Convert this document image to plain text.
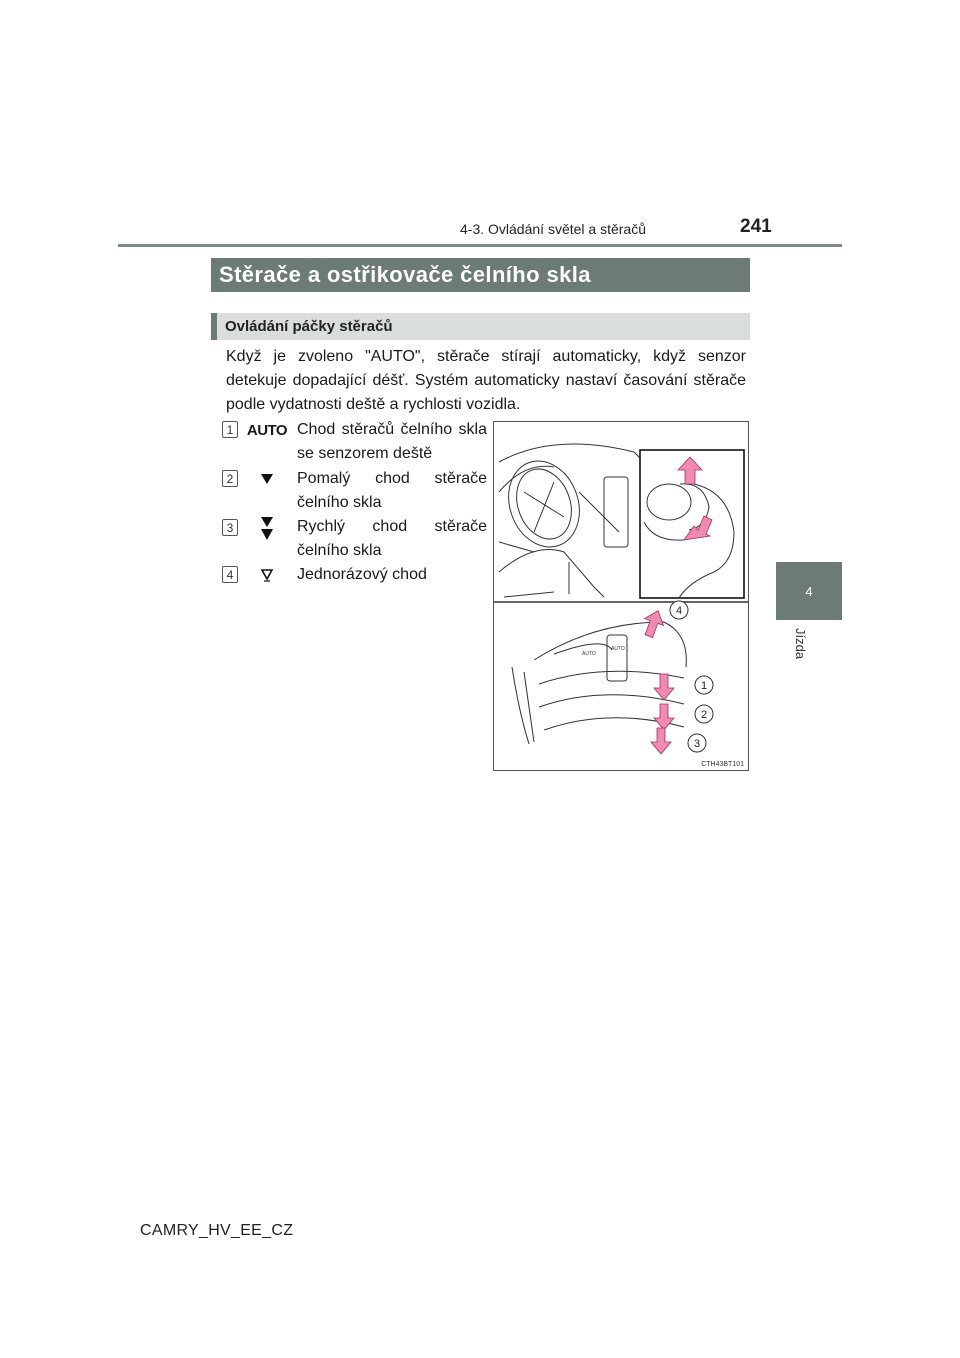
4-3. Ovládání světel a stěračů	241
4
Jízda
Stěrače a ostřikovače čelního skla
Ovládání páčky stěračů
Když je zvoleno "AUTO", stěrače stírají automaticky, když senzor detekuje dopadající déšť. Systém automaticky nastaví časování stěrače podle vydatnosti deště a rychlosti vozidla.
1 AUTO Chod stěračů čelního skla se senzorem deště
2	Pomalý chod stěrače čelního skla
3	Rychlý chod stěrače čelního skla
4	Jednorázový chod
AUTO
AUTO
4
1
2
3
CTH43BT101
CAMRY_HV_EE_CZ
